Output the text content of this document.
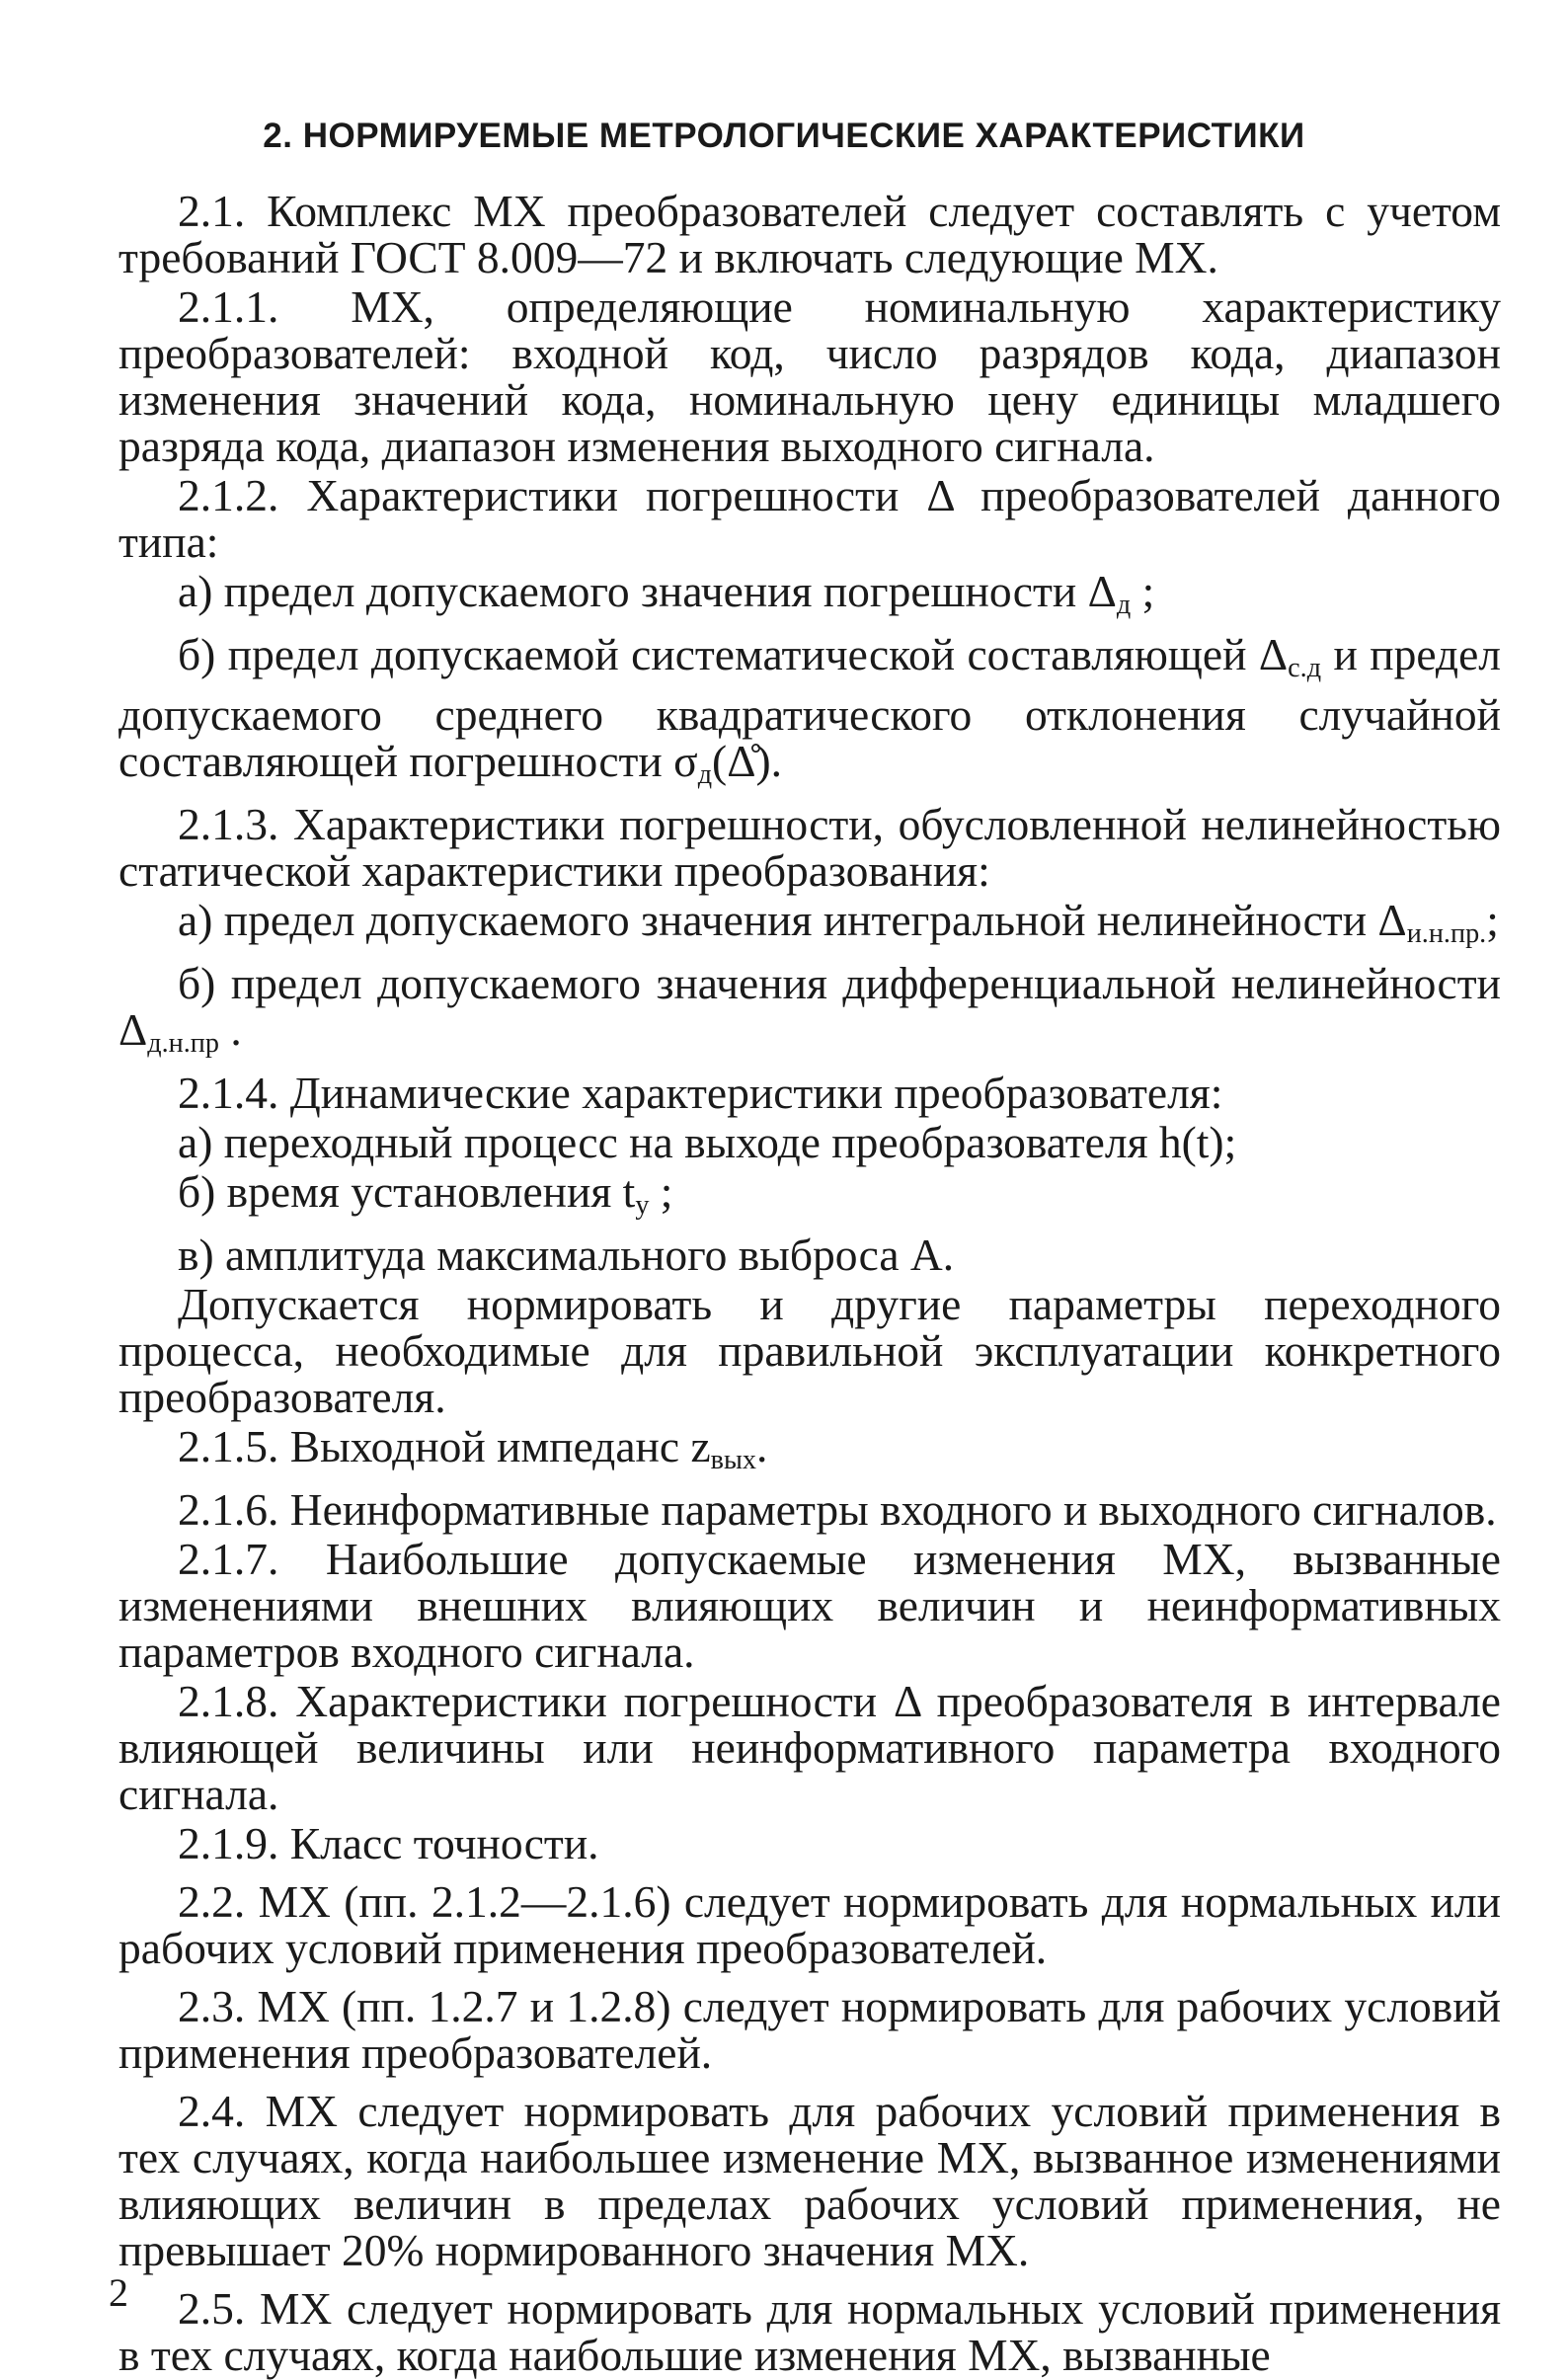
2. НОРМИРУЕМЫЕ МЕТРОЛОГИЧЕСКИЕ ХАРАКТЕРИСТИКИ

2.1. Комплекс МХ преобразователей следует составлять с учетом требований ГОСТ 8.009—72 и включать следующие МХ.

2.1.1. МХ, определяющие номинальную характеристику преобразователей: входной код, число разрядов кода, диапазон изменения значений кода, номинальную цену единицы младшего разряда кода, диапазон изменения выходного сигнала.

2.1.2. Характеристики погрешности Δ преобразователей данного типа:

а) предел допускаемого значения погрешности $\Delta_д$ ;

б) предел допускаемой систематической составляющей $\Delta_{с.д}$ и предел допускаемого среднего квадратического отклонения случайной составляющей погрешности $\sigma_д(\Deltå)$.

2.1.3. Характеристики погрешности, обусловленной нелинейностью статической характеристики преобразования:

а) предел допускаемого значения интегральной нелинейности $\Delta_{и.н.пр.}$;

б) предел допускаемого значения дифференциальной нелинейности $\Delta_{д.н.пр}$ .

2.1.4. Динамические характеристики преобразователя:

а) переходный процесс на выходе преобразователя h(t);

б) время установления $t_у$ ;

в) амплитуда максимального выброса A.

Допускается нормировать и другие параметры переходного процесса, необходимые для правильной эксплуатации конкретного преобразователя.

2.1.5. Выходной импеданс $z_{вых}$.

2.1.6. Неинформативные параметры входного и выходного сигналов.

2.1.7. Наибольшие допускаемые изменения МХ, вызванные изменениями внешних влияющих величин и неинформативных параметров входного сигнала.

2.1.8. Характеристики погрешности Δ преобразователя в интервале влияющей величины или неинформативного параметра входного сигнала.

2.1.9. Класс точности.

2.2. МХ (пп. 2.1.2—2.1.6) следует нормировать для нормальных или рабочих условий применения преобразователей.

2.3. МХ (пп. 1.2.7 и 1.2.8) следует нормировать для рабочих условий применения преобразователей.

2.4. МХ следует нормировать для рабочих условий применения в тех случаях, когда наибольшее изменение МХ, вызванное изменениями влияющих величин в пределах рабочих условий применения, не превышает 20% нормированного значения МХ.

2.5. МХ следует нормировать для нормальных условий применения в тех случаях, когда наибольшие изменения МХ, вызванные

2
